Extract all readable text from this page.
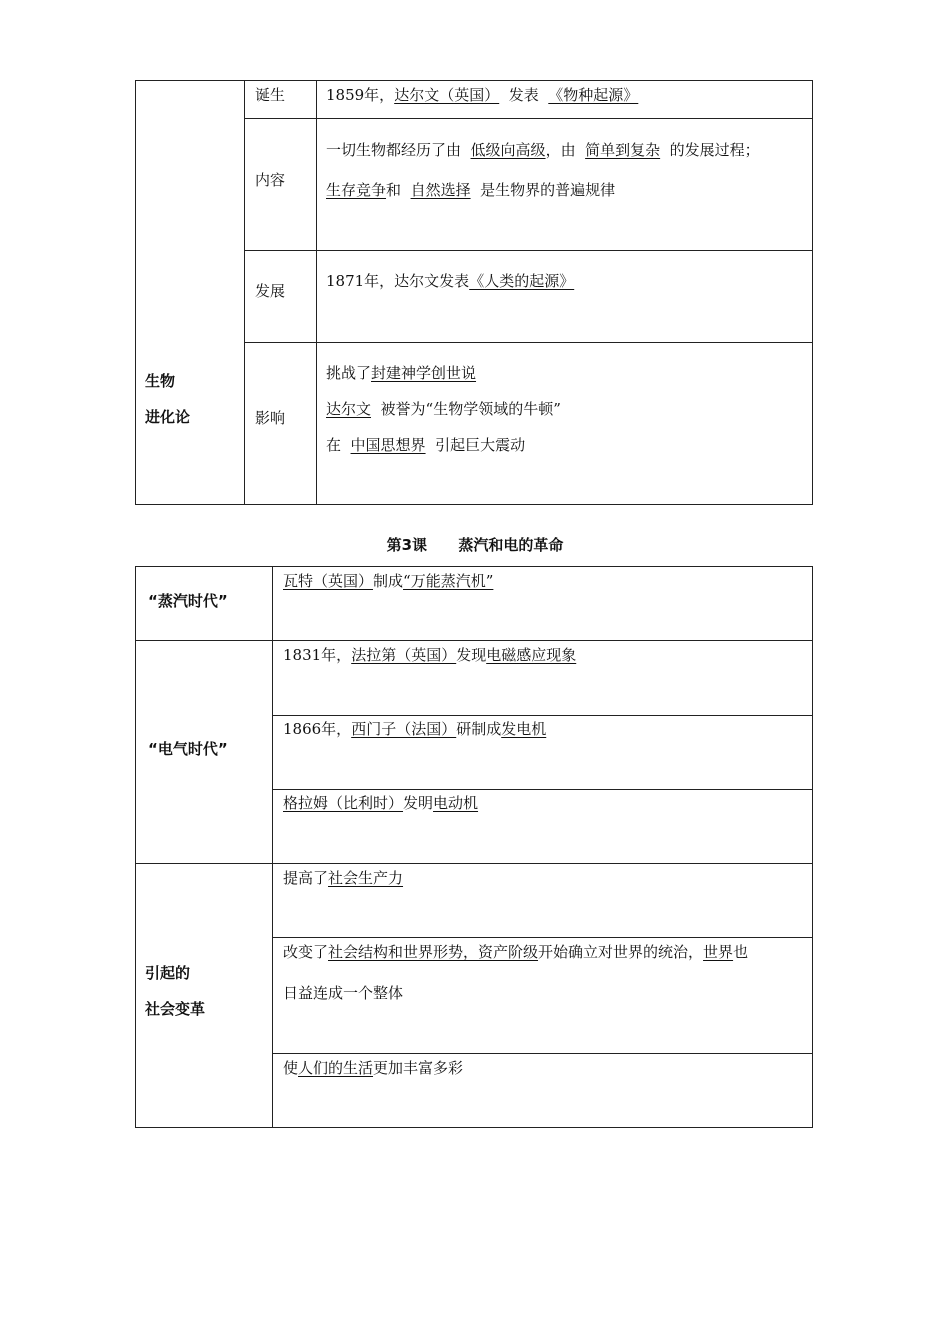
生物
进化论
诞生
内容
发展
影响
1859年，达尔文（英国）  发表  《物种起源》
一切生物都经历了由  低级向高级，由  简单到复杂  的发展过程；
生存竞争和  自然选择  是生物界的普遍规律
1871年，达尔文发表《人类的起源》
挑战了封建神学创世说
达尔文  被誉为“生物学领域的牛顿”
在  中国思想界  引起巨大震动
第3课      蒸汽和电的革命
“蒸汽时代”
“电气时代”
引起的
社会变革
瓦特（英国）制成“万能蒸汽机”
1831年，法拉第（英国）发现电磁感应现象
1866年，西门子（法国）研制成发电机
格拉姆（比利时）发明电动机
提高了社会生产力
改变了社会结构和世界形势，资产阶级开始确立对世界的统治，世界也
日益连成一个整体
使人们的生活更加丰富多彩
